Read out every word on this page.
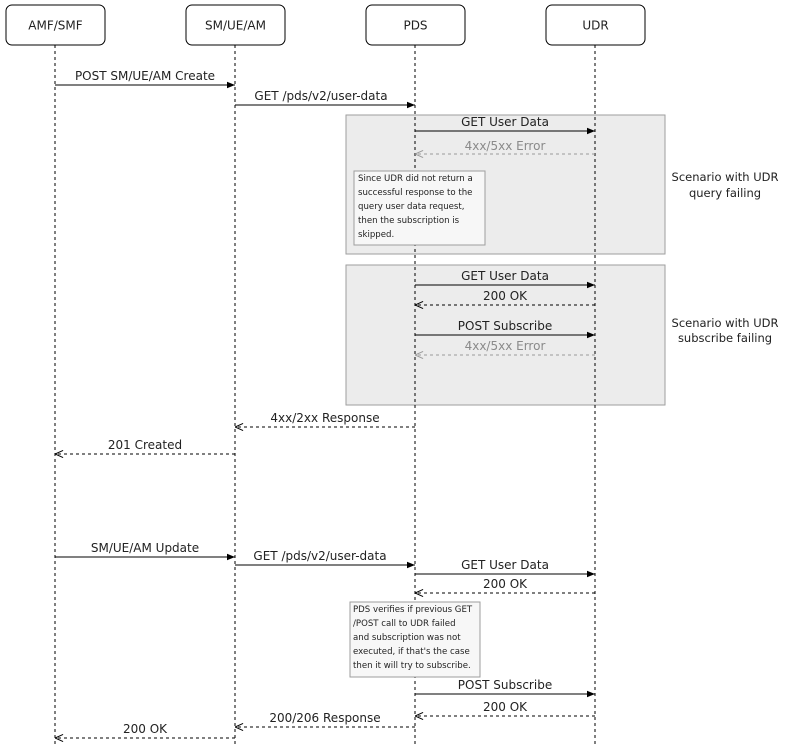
AMF/SMF	SM/UE/AM	PDS	UDR
POST SM/UE/AM Create
GET /pds/v2/user-data
GET User Data
4xx/5xx Error
GET User Data
200 OK
POST Subscribe
4xx/5xx Error
4xx/2xx Response
201 Created
SM/UE/AM Update
GET /pds/v2/user-data
GET User Data
200 OK
POST Subscribe
200 OK
200/206 Response
200 OK
Since UDR did not return a
successful response to the
query user data request,
then the subscription is
skipped.
PDS verifies if previous GET
/POST call to UDR failed
and subscription was not
executed, if that's the case
then it will try to subscribe.
Scenario with UDR
query failing
Scenario with UDR
subscribe failing
